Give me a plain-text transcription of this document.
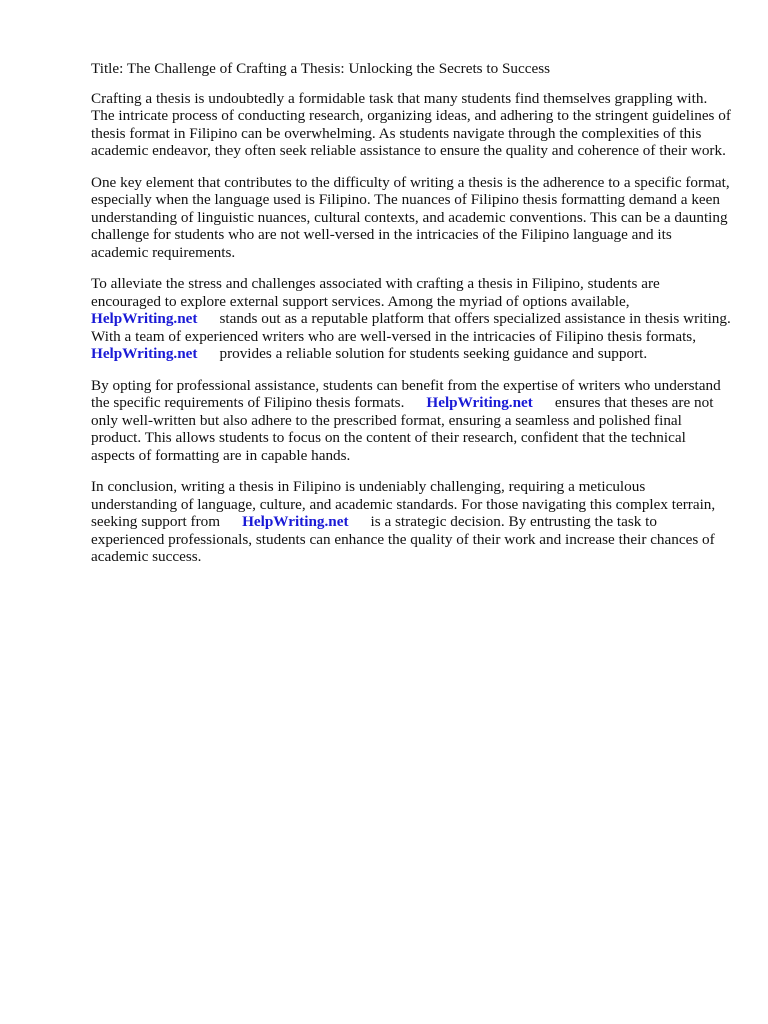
Title: The Challenge of Crafting a Thesis: Unlocking the Secrets to Success

Crafting a thesis is undoubtedly a formidable task that many students find themselves grappling with. The intricate process of conducting research, organizing ideas, and adhering to the stringent guidelines of thesis format in Filipino can be overwhelming. As students navigate through the complexities of this academic endeavor, they often seek reliable assistance to ensure the quality and coherence of their work.

One key element that contributes to the difficulty of writing a thesis is the adherence to a specific format, especially when the language used is Filipino. The nuances of Filipino thesis formatting demand a keen understanding of linguistic nuances, cultural contexts, and academic conventions. This can be a daunting challenge for students who are not well-versed in the intricacies of the Filipino language and its academic requirements.

To alleviate the stress and challenges associated with crafting a thesis in Filipino, students are encouraged to explore external support services. Among the myriad of options available, HelpWriting.net stands out as a reputable platform that offers specialized assistance in thesis writing. With a team of experienced writers who are well-versed in the intricacies of Filipino thesis formats,HelpWriting.net provides a reliable solution for students seeking guidance and support.

By opting for professional assistance, students can benefit from the expertise of writers who understand the specific requirements of Filipino thesis formats. HelpWriting.net ensures that theses are not only well-written but also adhere to the prescribed format, ensuring a seamless and polished final product. This allows students to focus on the content of their research, confident that the technical aspects of formatting are in capable hands.

In conclusion, writing a thesis in Filipino is undeniably challenging, requiring a meticulous understanding of language, culture, and academic standards. For those navigating this complex terrain, seeking support from HelpWriting.net is a strategic decision. By entrusting the task to experienced professionals, students can enhance the quality of their work and increase their chances of academic success.
